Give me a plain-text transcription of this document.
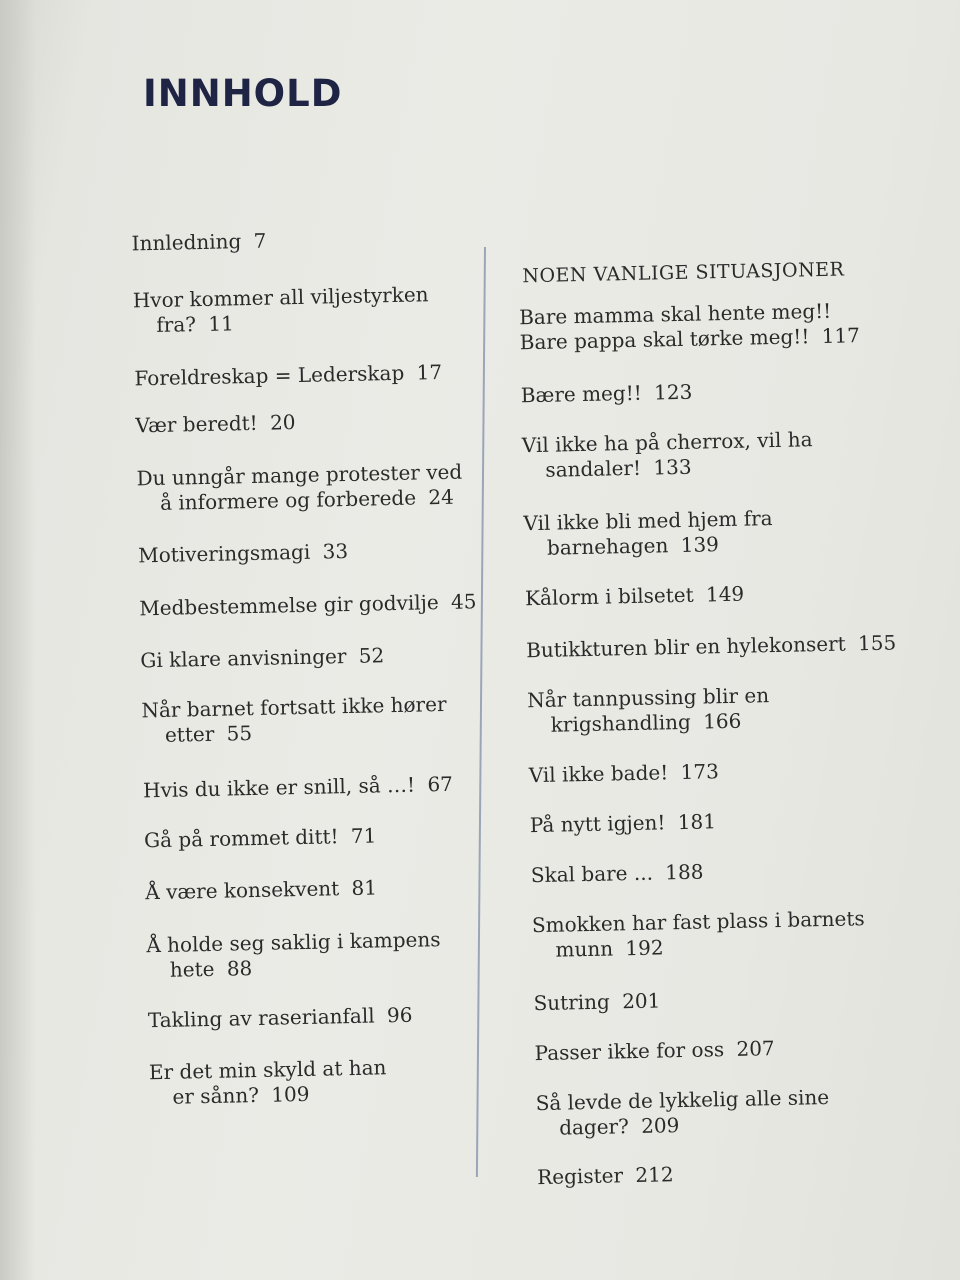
INNHOLD
Innledning 7
Hvor kommer all viljestyrken
fra? 11
Foreldreskap = Lederskap 17
Vær beredt! 20
Du unngår mange protester ved
å informere og forberede 24
Motiveringsmagi 33
Medbestemmelse gir godvilje 45
Gi klare anvisninger 52
Når barnet fortsatt ikke hører
etter 55
Hvis du ikke er snill, så …! 67
Gå på rommet ditt! 71
Å være konsekvent 81
Å holde seg saklig i kampens
hete 88
Takling av raserianfall 96
Er det min skyld at han
er sånn? 109
NOEN VANLIGE SITUASJONER
Bare mamma skal hente meg!!
Bare pappa skal tørke meg!! 117
Bære meg!! 123
Vil ikke ha på cherrox, vil ha
sandaler! 133
Vil ikke bli med hjem fra
barnehagen 139
Kålorm i bilsetet 149
Butikkturen blir en hylekonsert 155
Når tannpussing blir en
krigshandling 166
Vil ikke bade! 173
På nytt igjen! 181
Skal bare ... 188
Smokken har fast plass i barnets
munn 192
Sutring 201
Passer ikke for oss 207
Så levde de lykkelig alle sine
dager? 209
Register 212
